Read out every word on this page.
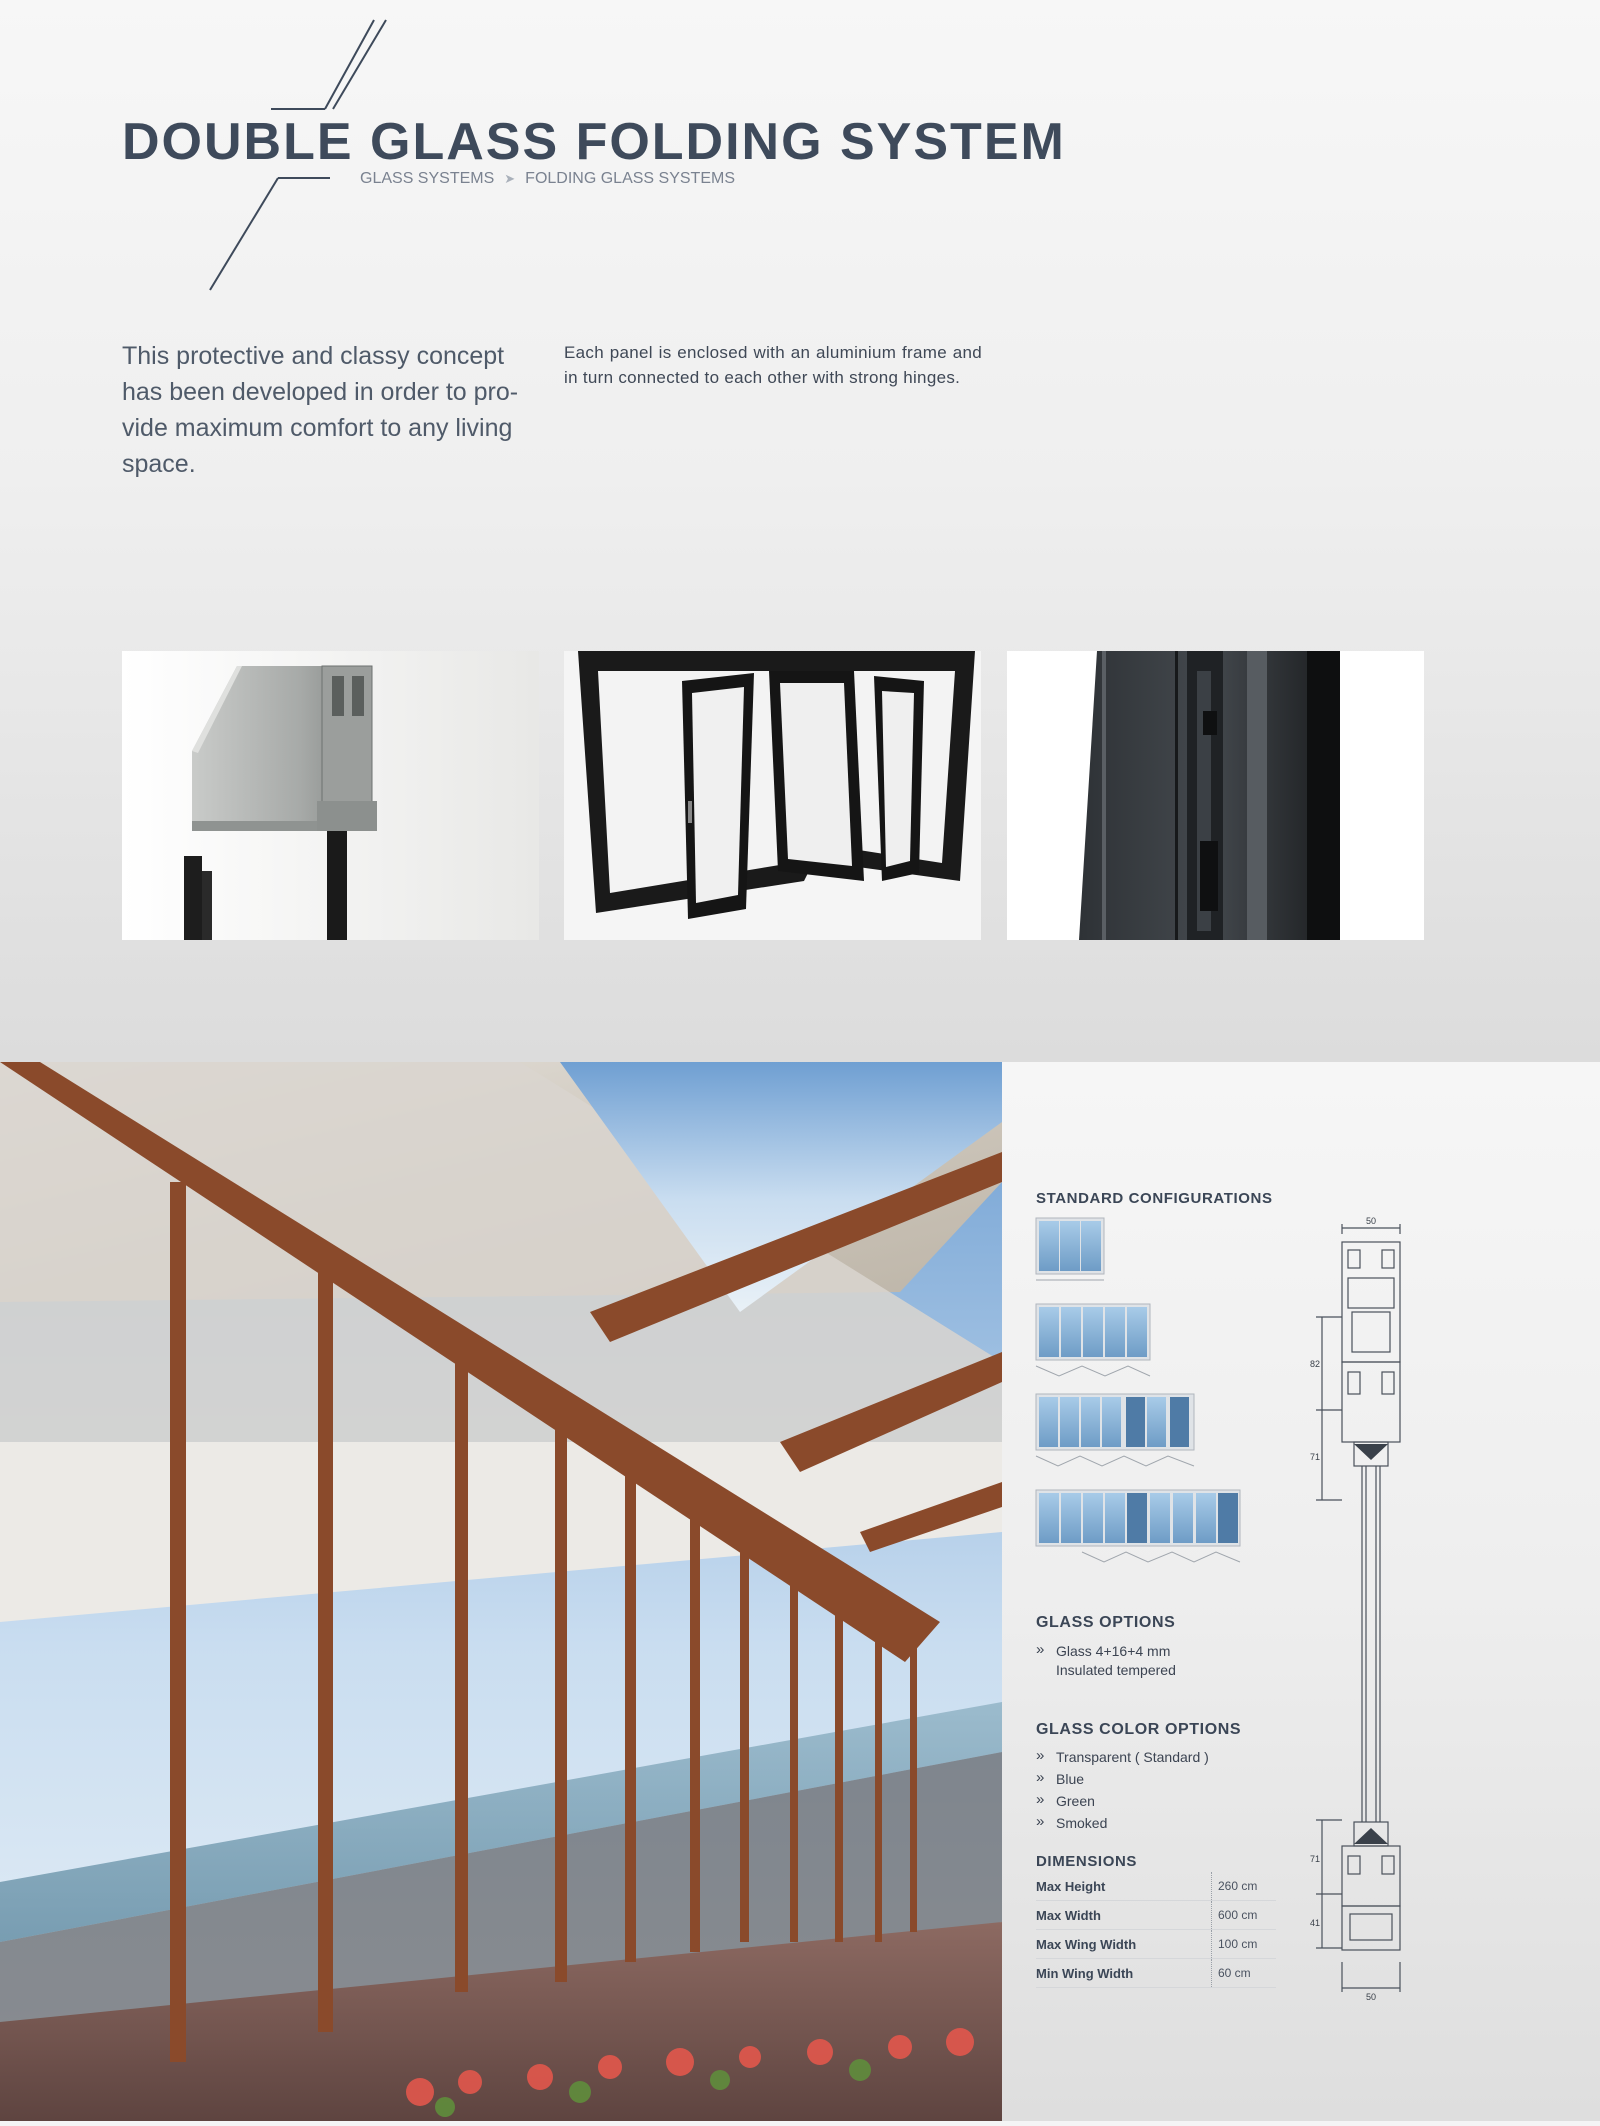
DOUBLE GLASS FOLDING SYSTEM
GLASS SYSTEMS ➤ FOLDING GLASS SYSTEMS
This protective and classy concept has been developed in order to pro-vide maximum comfort to any living space.
Each panel is enclosed with an aluminium frame and in turn connected to each other with strong hinges.
STANDARD CONFIGURATIONS
GLASS OPTIONS
» Glass 4+16+4 mm
Insulated tempered
GLASS COLOR OPTIONS
» Transparent ( Standard )
» Blue
» Green
» Smoked
DIMENSIONS
Max Height	260 cm
Max Width	600 cm
Max Wing Width	100 cm
Min Wing Width	60 cm
50
82
71
71
41
50
